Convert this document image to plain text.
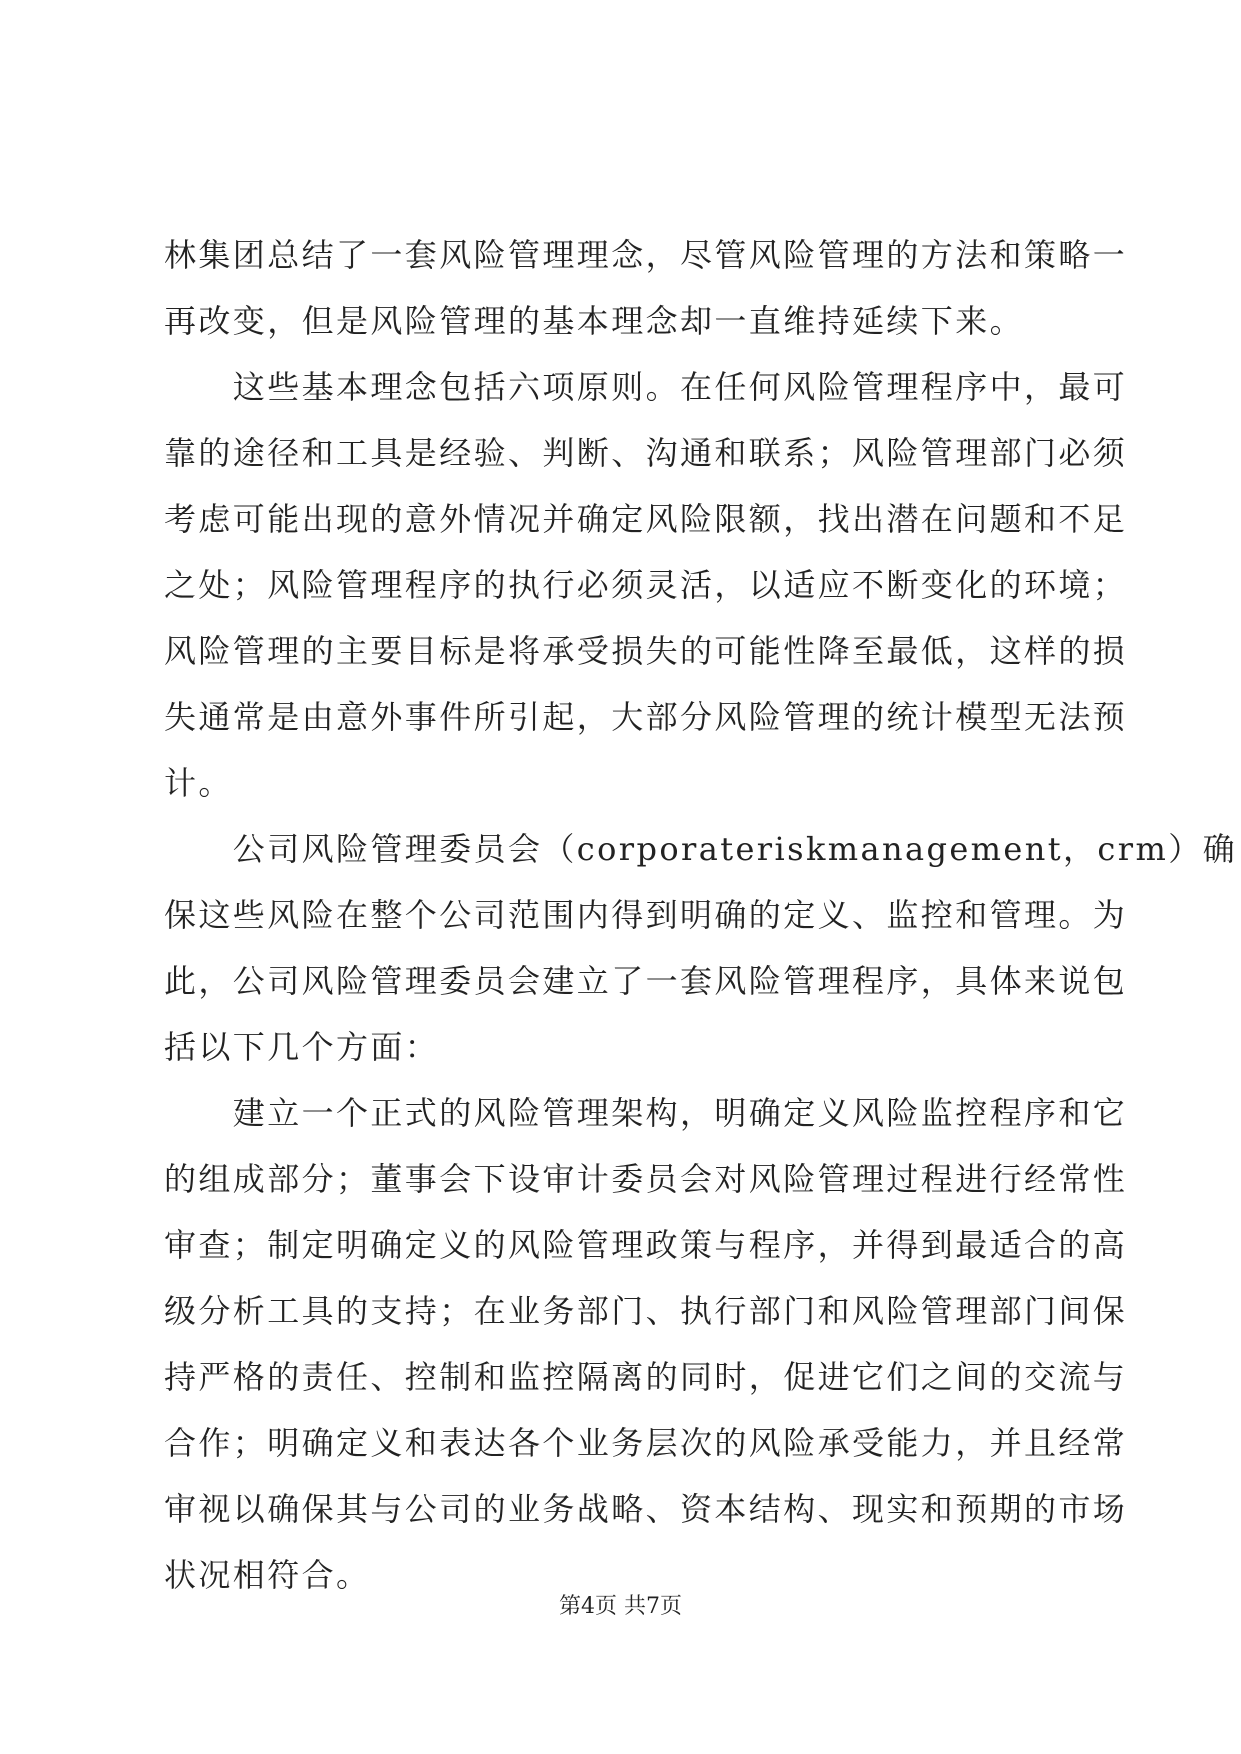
林集团总结了一套风险管理理念，尽管风险管理的方法和策略一
再改变，但是风险管理的基本理念却一直维持延续下来。
　　这些基本理念包括六项原则。在任何风险管理程序中，最可
靠的途径和工具是经验、判断、沟通和联系；风险管理部门必须
考虑可能出现的意外情况并确定风险限额，找出潜在问题和不足
之处；风险管理程序的执行必须灵活，以适应不断变化的环境；
风险管理的主要目标是将承受损失的可能性降至最低，这样的损
失通常是由意外事件所引起，大部分风险管理的统计模型无法预
计。
　　公司风险管理委员会（corporateriskmanagement，crm）确
保这些风险在整个公司范围内得到明确的定义、监控和管理。为
此，公司风险管理委员会建立了一套风险管理程序，具体来说包
括以下几个方面：
　　建立一个正式的风险管理架构，明确定义风险监控程序和它
的组成部分；董事会下设审计委员会对风险管理过程进行经常性
审查；制定明确定义的风险管理政策与程序，并得到最适合的高
级分析工具的支持；在业务部门、执行部门和风险管理部门间保
持严格的责任、控制和监控隔离的同时，促进它们之间的交流与
合作；明确定义和表达各个业务层次的风险承受能力，并且经常
审视以确保其与公司的业务战略、资本结构、现实和预期的市场
状况相符合。
第4页 共7页
